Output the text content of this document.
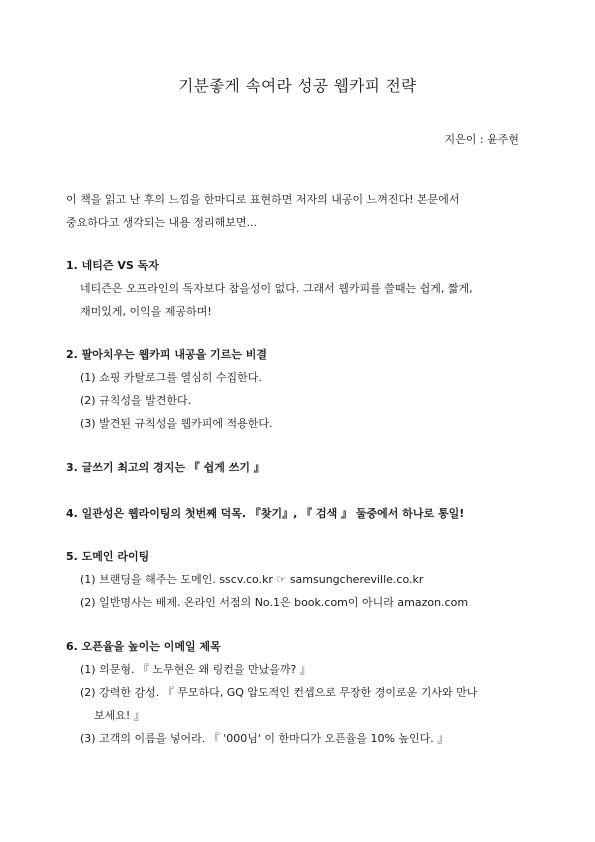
기분좋게 속여라 성공 웹카피 전략
지은이 : 윤주현
이 책을 읽고 난 후의 느낌을 한마디로 표현하면 저자의 내공이 느껴진다! 본문에서
중요하다고 생각되는 내용 정리해보면...
1. 네티즌 VS 독자
네티즌은 오프라인의 독자보다 참을성이 없다. 그래서 웹카피를 쓸때는 쉽게, 짧게,
재미있게, 이익을 제공하며!
2. 팔아치우는 웹카피 내공을 기르는 비결
(1) 쇼핑 카탈로그를 열심히 수집한다.
(2) 규칙성을 발견한다.
(3) 발견된 규칙성을 웹카피에 적용한다.
3. 글쓰기 최고의 경지는 『 쉽게 쓰기 』
4. 일관성은 웹라이팅의 첫번째 덕목. 『찾기』, 『 검색 』 둘중에서 하나로 통일!
5. 도메인 라이팅
(1) 브랜딩을 해주는 도메인. sscv.co.kr ☞ samsungchereville.co.kr
(2) 일반명사는 배제. 온라인 서점의 No.1은 book.com이 아니라 amazon.com
6. 오픈율을 높이는 이메일 제목
(1) 의문형. 『 노무현은 왜 링컨을 만났을까? 』
(2) 강력한 감성. 『 무모하다, GQ 압도적인 컨셉으로 무장한 경이로운 기사와 만나
보세요! 』
(3) 고객의 이름을 넣어라. 『 '000님' 이 한마디가 오픈율을 10% 높인다. 』
